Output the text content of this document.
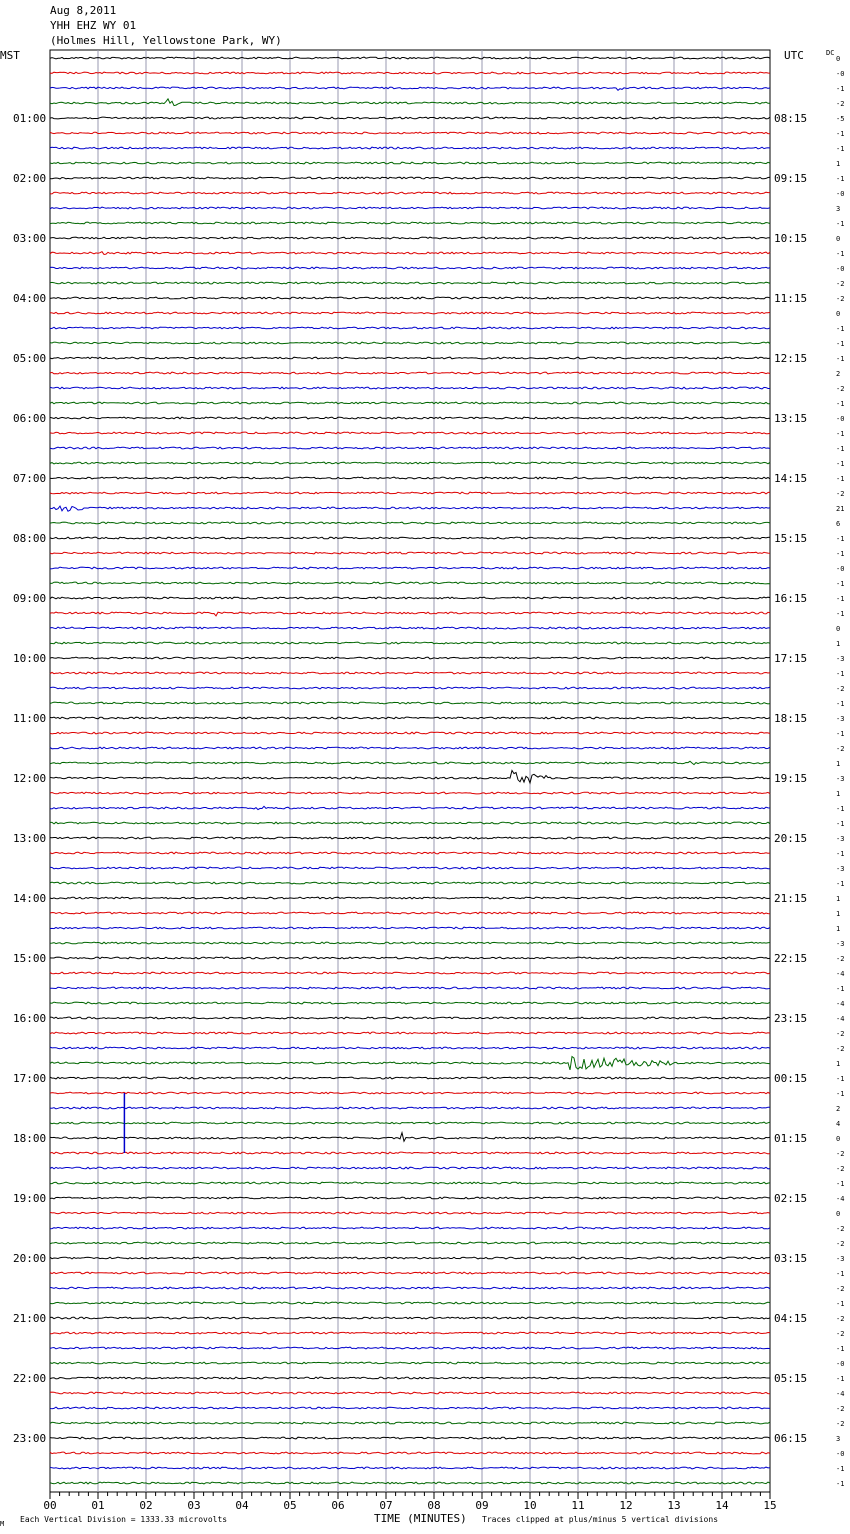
Aug 8,2011
YHH EHZ WY 01
(Holmes Hill, Yellowstone Park, WY)
MST	UTC	DC
01:00	08:15
02:00	09:15
03:00	10:15
04:00	11:15
05:00	12:15
06:00	13:15
07:00	14:15
08:00	15:15
09:00	16:15
10:00	17:15
11:00	18:15
12:00	19:15
13:00	20:15
14:00	21:15
15:00	22:15
16:00	23:15
17:00	00:15
18:00	01:15
19:00	02:15
20:00	03:15
21:00	04:15
22:00	05:15
23:00	06:15
0
-0
-1
-2
-5
-1
-1
1
-1
-0
3
-1
0
-1
-0
-2
-2
0
-1
-1
-1
2
-2
-1
-0
-1
-1
-1
-1
-2
21
6
-1
-1
-0
-1
-1
-1
0
1
-3
-1
-2
-1
-3
-1
-2
1
-3
1
-1
-1
-3
-1
-3
-1
1
1
1
-3
-2
-4
-1
-4
-4
-2
-2
1
-1
-1
2
4
0
-2
-2
-1
-4
0
-2
-2
-3
-1
-2
-1
-2
-2
-1
-0
-1
-4
-2
-2
3
-0
-1
-1
00	01	02	03	04	05	06	07	08	09	10	11	12	13	14	15
M Each Vertical Division = 1333.33 microvolts	TIME (MINUTES) Traces clipped at plus/minus 5 vertical divisions
